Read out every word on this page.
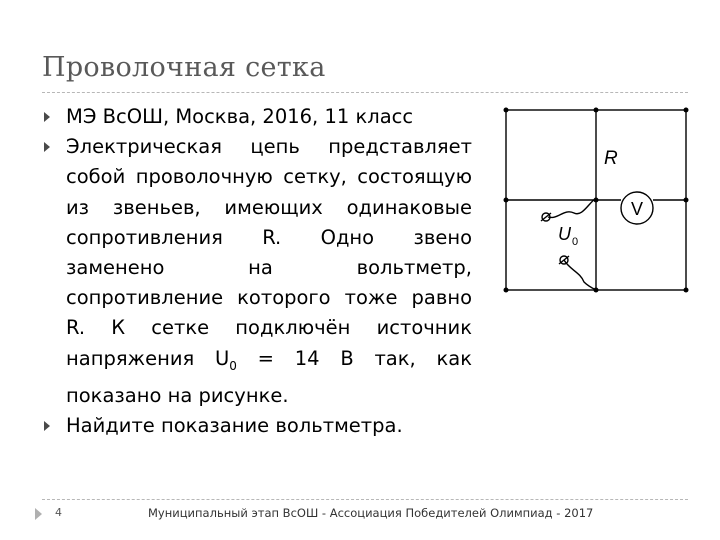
Проволочная сетка
МЭ ВсОШ, Москва, 2016, 11 класс
Электрическая цепь представляет собой проволочную сетку, состоящую из звеньев, имеющих одинаковые сопротивления R. Одно звено заменено на вольтметр, сопротивление которого тоже равно R. К сетке подключён источник напряжения $U_0 = 14$ В так, как показано на рисунке.
Найдите показание вольтметра.
R
V
U 0
4	Муниципальный этап ВсОШ - Ассоциация Победителей Олимпиад - 2017
